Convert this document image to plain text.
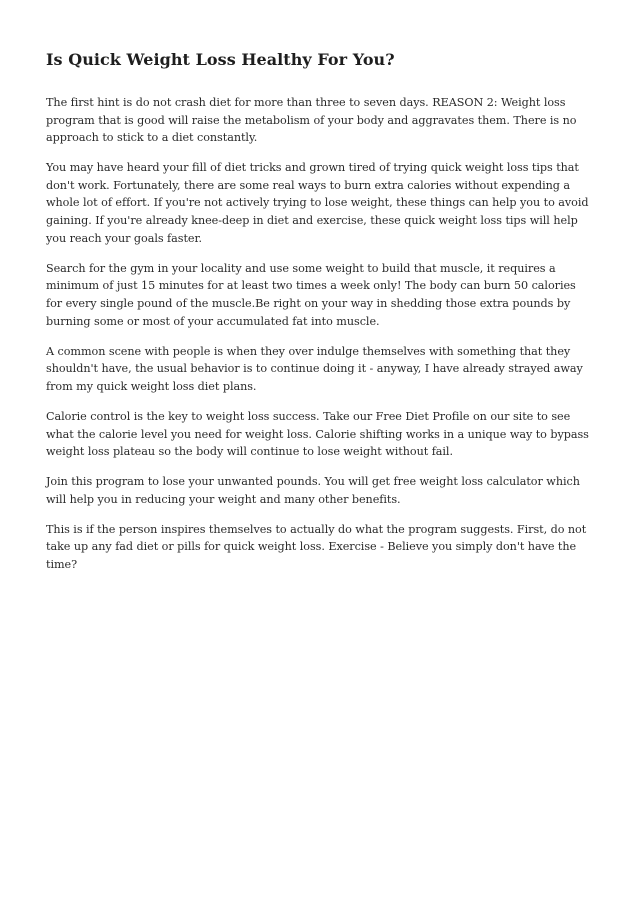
Is Quick Weight Loss Healthy For You?

The first hint is do not crash diet for more than three to seven days. REASON 2: Weight loss program that is good will raise the metabolism of your body and aggravates them. There is no approach to stick to a diet constantly.

You may have heard your fill of diet tricks and grown tired of trying quick weight loss tips that don't work. Fortunately, there are some real ways to burn extra calories without expending a whole lot of effort. If you're not actively trying to lose weight, these things can help you to avoid gaining. If you're already knee-deep in diet and exercise, these quick weight loss tips will help you reach your goals faster.

Search for the gym in your locality and use some weight to build that muscle, it requires a minimum of just 15 minutes for at least two times a week only! The body can burn 50 calories for every single pound of the muscle.Be right on your way in shedding those extra pounds by burning some or most of your accumulated fat into muscle.

A common scene with people is when they over indulge themselves with something that they shouldn't have, the usual behavior is to continue doing it - anyway, I have already strayed away from my quick weight loss diet plans.

Calorie control is the key to weight loss success. Take our Free Diet Profile on our site to see what the calorie level you need for weight loss. Calorie shifting works in a unique way to bypass weight loss plateau so the body will continue to lose weight without fail.

Join this program to lose your unwanted pounds. You will get free weight loss calculator which will help you in reducing your weight and many other benefits.

This is if the person inspires themselves to actually do what the program suggests. First, do not take up any fad diet or pills for quick weight loss. Exercise - Believe you simply don't have the time?
